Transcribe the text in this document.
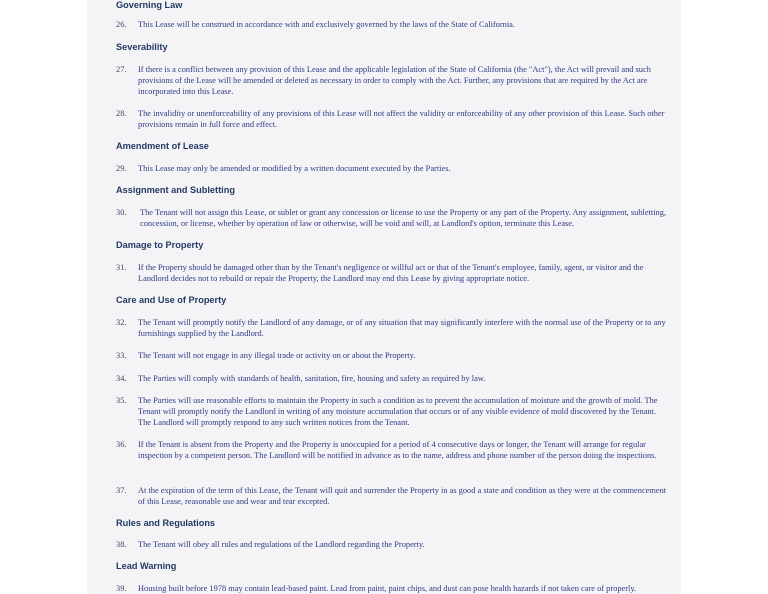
Governing Law
26. This Lease will be construed in accordance with and exclusively governed by the laws of the State of California.
Severability
27. If there is a conflict between any provision of this Lease and the applicable legislation of the State of California (the "Act"), the Act will prevail and such provisions of the Lease will be amended or deleted as necessary in order to comply with the Act. Further, any provisions that are required by the Act are incorporated into this Lease.
28. The invalidity or unenforceability of any provisions of this Lease will not affect the validity or enforceability of any other provision of this Lease. Such other provisions remain in full force and effect.
Amendment of Lease
29. This Lease may only be amended or modified by a written document executed by the Parties.
Assignment and Subletting
30. The Tenant will not assign this Lease, or sublet or grant any concession or license to use the Property or any part of the Property. Any assignment, subletting, concession, or license, whether by operation of law or otherwise, will be void and will, at Landlord's option, terminate this Lease.
Damage to Property
31. If the Property should be damaged other than by the Tenant's negligence or willful act or that of the Tenant's employee, family, agent, or visitor and the Landlord decides not to rebuild or repair the Property, the Landlord may end this Lease by giving appropriate notice.
Care and Use of Property
32. The Tenant will promptly notify the Landlord of any damage, or of any situation that may significantly interfere with the normal use of the Property or to any furnishings supplied by the Landlord.
33. The Tenant will not engage in any illegal trade or activity on or about the Property.
34. The Parties will comply with standards of health, sanitation, fire, housing and safety as required by law.
35. The Parties will use reasonable efforts to maintain the Property in such a condition as to prevent the accumulation of moisture and the growth of mold. The Tenant will promptly notify the Landlord in writing of any moisture accumulation that occurs or of any visible evidence of mold discovered by the Tenant. The Landlord will promptly respond to any such written notices from the Tenant.
36. If the Tenant is absent from the Property and the Property is unoccupied for a period of 4 consecutive days or longer, the Tenant will arrange for regular inspection by a competent person. The Landlord will be notified in advance as to the name, address and phone number of the person doing the inspections.
37. At the expiration of the term of this Lease, the Tenant will quit and surrender the Property in as good a state and condition as they were at the commencement of this Lease, reasonable use and wear and tear excepted.
Rules and Regulations
38. The Tenant will obey all rules and regulations of the Landlord regarding the Property.
Lead Warning
39. Housing built before 1978 may contain lead-based paint. Lead from paint, paint chips, and dust can pose health hazards if not taken care of properly.
